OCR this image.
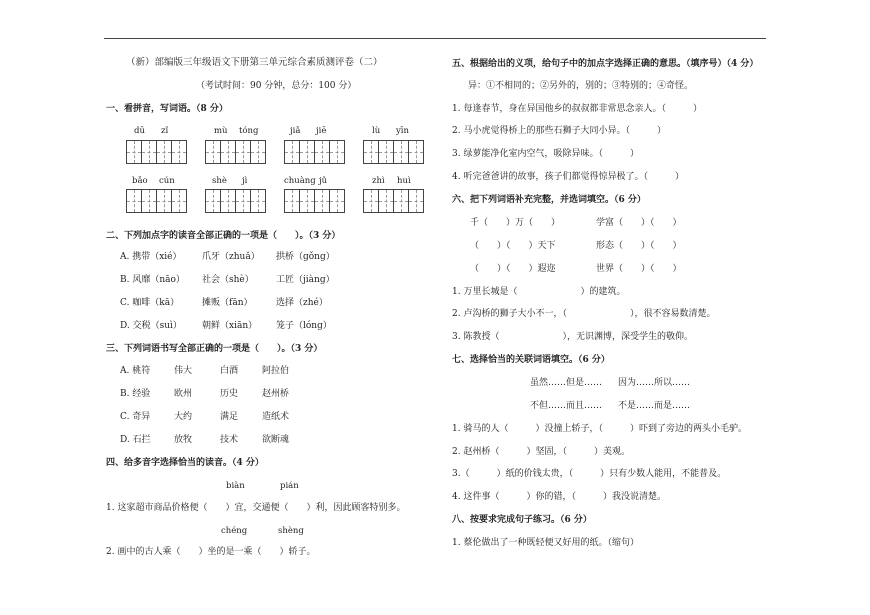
（新）部编版三年级语文下册第三单元综合素质测评卷（二）
（考试时间：90 分钟，总分：100 分）
一、看拼音，写词语。（8 分）
dū zǐ	mù tóng	jiǎ jiē	lù yīn
bǎo cún	shè jì	chuàng jǔ	zhì huì
二、下列加点字的读音全部正确的一项是（　　）。（3 分）
A. 携带（xié） 爪牙（zhuǎ） 拱桥（gǒng）
B. 风靡（nāo） 社会（shè） 工匠（jiàng）
C. 咖啡（kā）	摊贩（fān）	选择（zhé）
D. 交税（suì） 朝鲜（xiān） 笼子（lóng）
三、下列词语书写全部正确的一项是（　　）。（3 分）
A. 桃符	伟大	白酒	阿拉伯
B. 经验	欧州	历史	赵州桥
C. 奇异	大约	满足	造纸术
D. 石拦	放牧	技术	欲断魂
四、给多音字选择恰当的读音。（4 分）
biàn	pián
1. 这家超市商品价格便（　　）宜，交通便（　　）利，因此顾客特别多。
chéng	shèng
2. 画中的古人乘（　　）坐的是一乘（　　）轿子。
五、根据给出的义项，给句子中的加点字选择正确的意思。（填序号）（4 分）
异：①不相同的；②另外的，别的；③特别的；④奇怪。
1. 每逢春节，身在异国他乡的叔叔都非常思念亲人。（　　　）
2. 马小虎觉得桥上的那些石狮子大同小异。（　　　）
3. 绿萝能净化室内空气，吸除异味。（　　　）
4. 听完爸爸讲的故事，孩子们都觉得惊异极了。（　　　）
六、把下列词语补充完整，并选词填空。（6 分）
千（　　）万（　　）	学富（　　）（　　）
（　　）（　　）天下	形态（　　）（　　）
（　　）（　　）遐迩	世界（　　）（　　）
1. 万里长城是（　　　　　　　）的建筑。
2. 卢沟桥的狮子大小不一，（　　　　　　　），很不容易数清楚。
3. 陈教授（　　　　　　　），无识渊博，深受学生的敬仰。
七、选择恰当的关联词语填空。（6 分）
虽然……但是…… 因为……所以……
不但……而且…… 不是……而是……
1. 骑马的人（　　　）没撞上轿子，（　　　）吓到了旁边的两头小毛驴。
2. 赵州桥（　　　）坚固，（　　　）美观。
3.（　　　）纸的价钱太贵，（　　　）只有少数人能用，不能普及。
4. 这件事（　　　）你的错，（　　　）我没说清楚。
八、按要求完成句子练习。（6 分）
1. 蔡伦做出了一种既轻便又好用的纸。（缩句）
